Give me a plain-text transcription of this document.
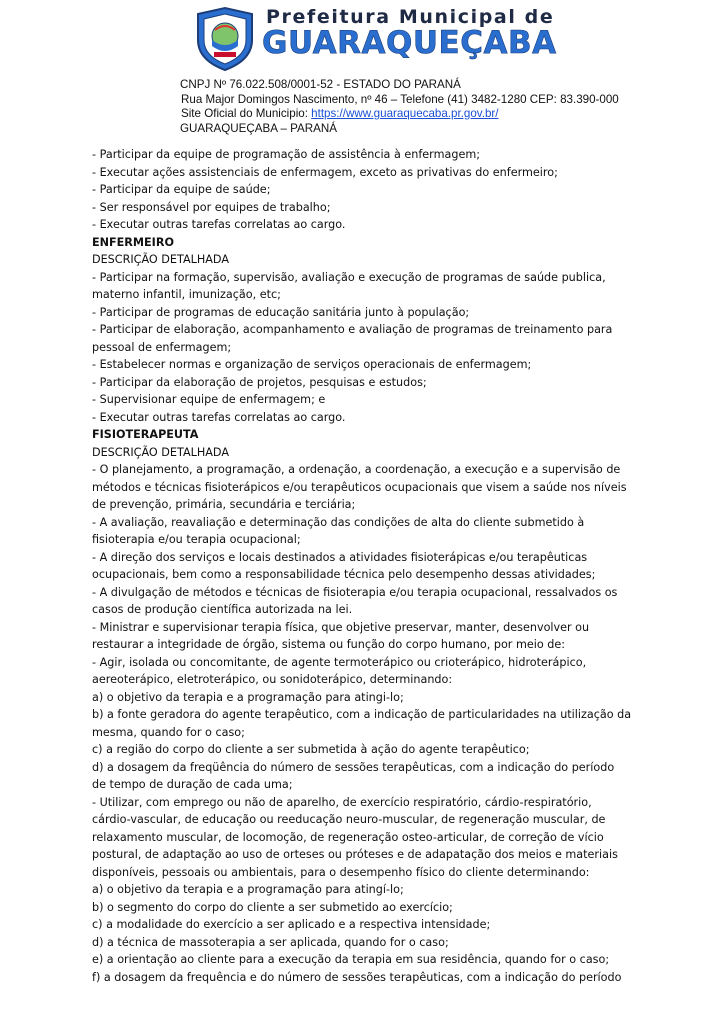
Prefeitura Municipal de
GUARAQUEÇABA
CNPJ Nº 76.022.508/0001-52 - ESTADO DO PARANÁ
Rua Major Domingos Nascimento, nº 46 – Telefone (41) 3482-1280 CEP: 83.390-000
Site Oficial do Municipio: https://www.guaraquecaba.pr.gov.br/
GUARAQUEÇABA – PARANÁ

- Participar da equipe de programação de assistência à enfermagem;

- Executar ações assistenciais de enfermagem, exceto as privativas do enfermeiro;

- Participar da equipe de saúde;

- Ser responsável por equipes de trabalho;

- Executar outras tarefas correlatas ao cargo.

ENFERMEIRO

DESCRIÇÃO DETALHADA

- Participar na formação, supervisão, avaliação e execução de programas de saúde publica,

materno infantil, imunização, etc;

- Participar de programas de educação sanitária junto à população;

- Participar de elaboração, acompanhamento e avaliação de programas de treinamento para

pessoal de enfermagem;

- Estabelecer normas e organização de serviços operacionais de enfermagem;

- Participar da elaboração de projetos, pesquisas e estudos;

- Supervisionar equipe de enfermagem; e

- Executar outras tarefas correlatas ao cargo.

FISIOTERAPEUTA

DESCRIÇÃO DETALHADA

- O planejamento, a programação, a ordenação, a coordenação, a execução e a supervisão de

métodos e técnicas fisioterápicos e/ou terapêuticos ocupacionais que visem a saúde nos níveis

de prevenção, primária, secundária e terciária;

- A avaliação, reavaliação e determinação das condições de alta do cliente submetido à

fisioterapia e/ou terapia ocupacional;

- A direção dos serviços e locais destinados a atividades fisioterápicas e/ou terapêuticas

ocupacionais, bem como a responsabilidade técnica pelo desempenho dessas atividades;

- A divulgação de métodos e técnicas de fisioterapia e/ou terapia ocupacional, ressalvados os

casos de produção científica autorizada na lei.

- Ministrar e supervisionar terapia física, que objetive preservar, manter, desenvolver ou

restaurar a integridade de órgão, sistema ou função do corpo humano, por meio de:

- Agir, isolada ou concomitante, de agente termoterápico ou crioterápico, hidroterápico,

aereoterápico, eletroterápico, ou sonidoterápico, determinando:

a) o objetivo da terapia e a programação para atingi-lo;

b) a fonte geradora do agente terapêutico, com a indicação de particularidades na utilização da

mesma, quando for o caso;

c) a região do corpo do cliente a ser submetida à ação do agente terapêutico;

d) a dosagem da freqüência do número de sessões terapêuticas, com a indicação do período

de tempo de duração de cada uma;

- Utilizar, com emprego ou não de aparelho, de exercício respiratório, cárdio-respiratório,

cárdio-vascular, de educação ou reeducação neuro-muscular, de regeneração muscular, de

relaxamento muscular, de locomoção, de regeneração osteo-articular, de correção de vício

postural, de adaptação ao uso de orteses ou próteses e de adapatação dos meios e materiais

disponíveis, pessoais ou ambientais, para o desempenho físico do cliente determinando:

a) o objetivo da terapia e a programação para atingí-lo;

b) o segmento do corpo do cliente a ser submetido ao exercício;

c) a modalidade do exercício a ser aplicado e a respectiva intensidade;

d) a técnica de massoterapia a ser aplicada, quando for o caso;

e) a orientação ao cliente para a execução da terapia em sua residência, quando for o caso;

f) a dosagem da frequência e do número de sessões terapêuticas, com a indicação do período
